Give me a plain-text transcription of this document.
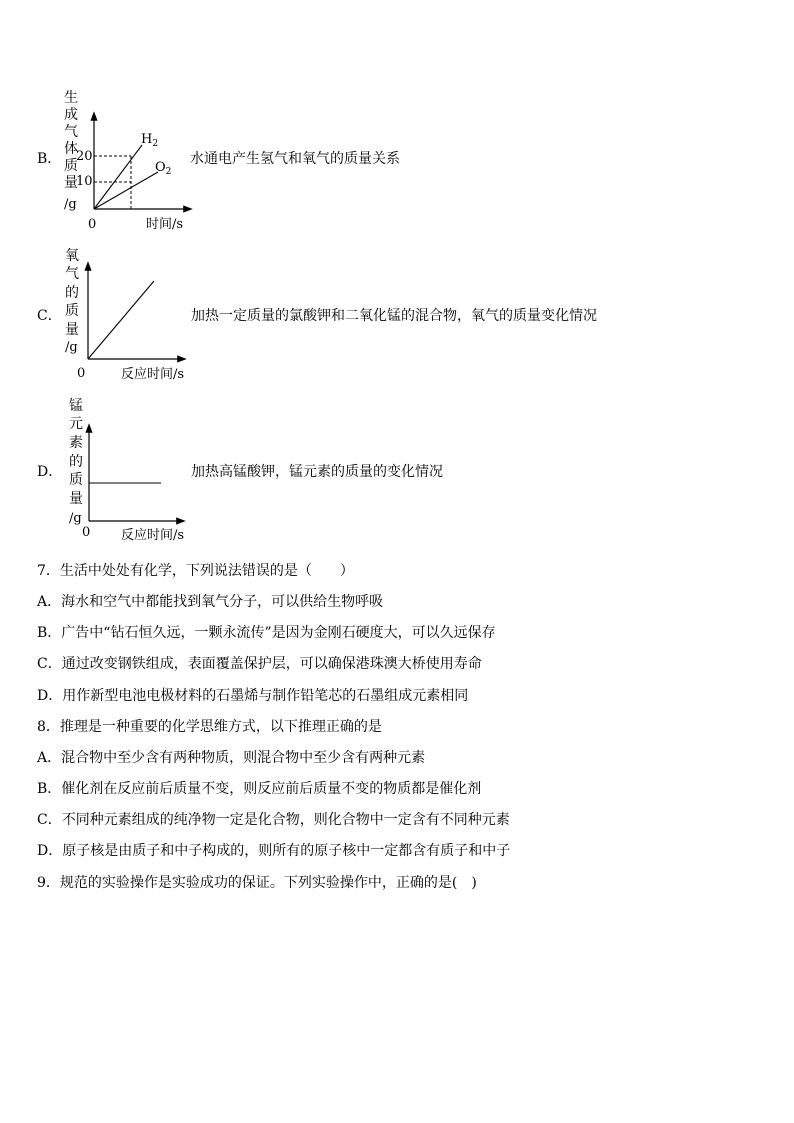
B．
生
成
气
体
质
量
/g
20
10
$H_2$
$O_2$
0	时间/s
水通电产生氢气和氧气的质量关系
C．
氧
气
的
质
量
/g
0	反应时间/s
加热一定质量的氯酸钾和二氧化锰的混合物，氧气的质量变化情况
D．
锰
元
素
的
质
量
/g
0 反应时间/s
加热高锰酸钾，锰元素的质量的变化情况
7．生活中处处有化学，下列说法错误的是（　　）
A．海水和空气中都能找到氧气分子，可以供给生物呼吸
B．广告中“钻石恒久远，一颗永流传”是因为金刚石硬度大，可以久远保存
C．通过改变钢铁组成，表面覆盖保护层，可以确保港珠澳大桥使用寿命
D．用作新型电池电极材料的石墨烯与制作铅笔芯的石墨组成元素相同
8．推理是一种重要的化学思维方式，以下推理正确的是
A．混合物中至少含有两种物质，则混合物中至少含有两种元素
B．催化剂在反应前后质量不变，则反应前后质量不变的物质都是催化剂
C．不同种元素组成的纯净物一定是化合物，则化合物中一定含有不同种元素
D．原子核是由质子和中子构成的，则所有的原子核中一定都含有质子和中子
9．规范的实验操作是实验成功的保证。下列实验操作中，正确的是(　)
